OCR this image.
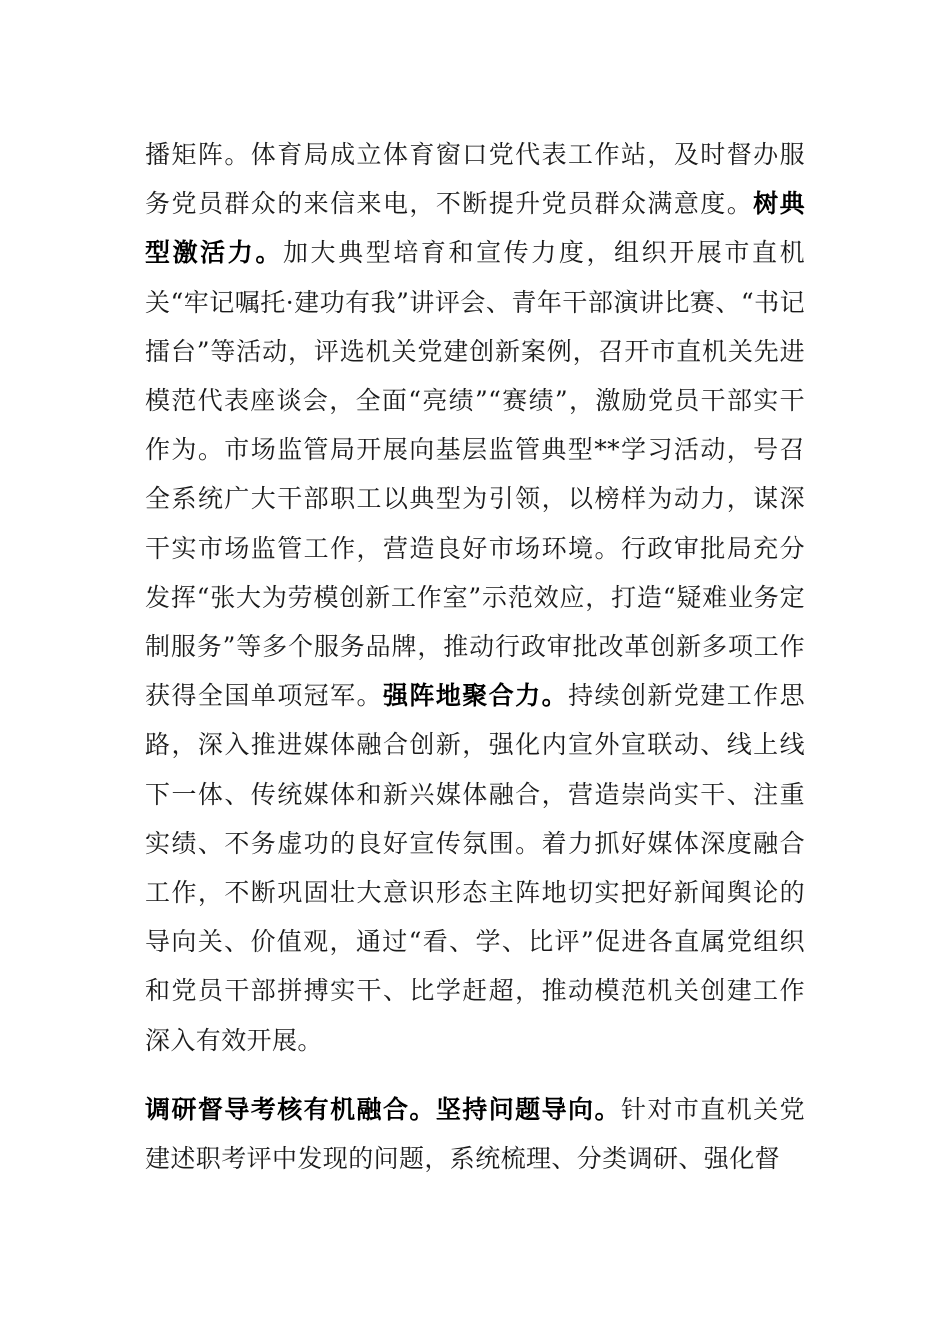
播矩阵。体育局成立体育窗口党代表工作站，及时督办服务党员群众的来信来电，不断提升党员群众满意度。树典型激活力。加大典型培育和宣传力度，组织开展市直机关“牢记嘱托·建功有我”讲评会、青年干部演讲比赛、“书记擂台”等活动，评选机关党建创新案例，召开市直机关先进模范代表座谈会，全面“亮绩”“赛绩”，激励党员干部实干作为。市场监管局开展向基层监管典型**学习活动，号召全系统广大干部职工以典型为引领，以榜样为动力，谋深干实市场监管工作，营造良好市场环境。行政审批局充分发挥“张大为劳模创新工作室”示范效应，打造“疑难业务定制服务”等多个服务品牌，推动行政审批改革创新多项工作获得全国单项冠军。强阵地聚合力。持续创新党建工作思路，深入推进媒体融合创新，强化内宣外宣联动、线上线下一体、传统媒体和新兴媒体融合，营造崇尚实干、注重实绩、不务虚功的良好宣传氛围。着力抓好媒体深度融合工作，不断巩固壮大意识形态主阵地切实把好新闻舆论的导向关、价值观，通过“看、学、比评”促进各直属党组织和党员干部拼搏实干、比学赶超，推动模范机关创建工作深入有效开展。
调研督导考核有机融合。坚持问题导向。针对市直机关党建述职考评中发现的问题，系统梳理、分类调研、强化督
